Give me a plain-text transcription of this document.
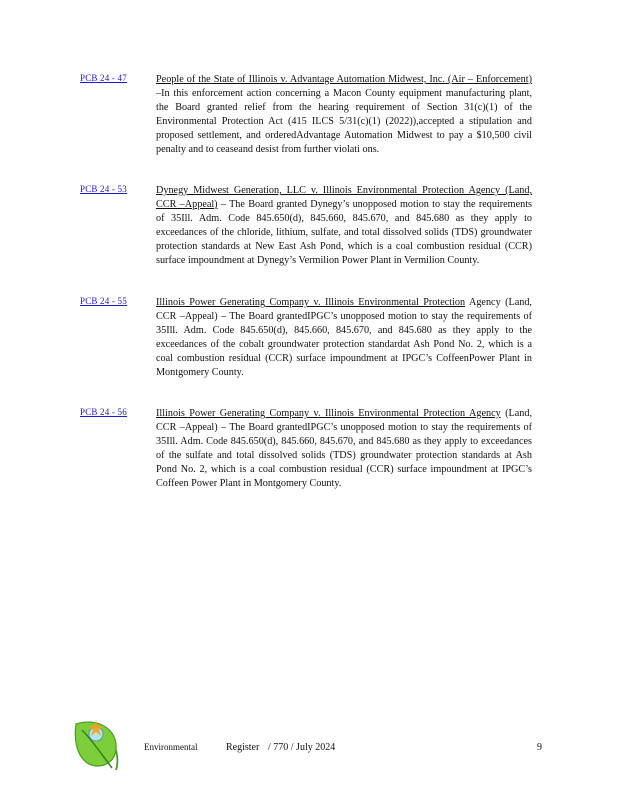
PCB 24 - 47	People of the State of Illinois v. Advantage Automation Midwest, Inc. (Air – Enforcement) –In this enforcement action concerning a Macon County equipment manufacturing plant, the Board granted relief from the hearing requirement of Section 31(c)(1) of the Environmental Protection Act (415 ILCS 5/31(c)(1) (2022)),accepted a stipulation and proposed settlement, and orderedAdvantage Automation Midwest to pay a $10,500 civil penalty and to ceaseand desist from further violati ons.
PCB 24 - 53	Dynegy Midwest Generation, LLC v. Illinois Environmental Protection Agency (Land, CCR –Appeal) – The Board granted Dynegy’s unopposed motion to stay the requirements of 35Ill. Adm. Code 845.650(d), 845.660, 845.670, and 845.680 as they apply to exceedances of the chloride, lithium, sulfate, and total dissolved solids (TDS) groundwater protection standards at New East Ash Pond, which is a coal combustion residual (CCR) surface impoundment at Dynegy’s Vermilion Power Plant in Vermilion County.
PCB 24 - 55	Illinois Power Generating Company v. Illinois Environmental Protection Agency (Land, CCR –Appeal) – The Board grantedIPGC’s unopposed motion to stay the requirements of 35Ill. Adm. Code 845.650(d), 845.660, 845.670, and 845.680 as they apply to the exceedances of the cobalt groundwater protection standardat Ash Pond No. 2, which is a coal combustion residual (CCR) surface impoundment at IPGC’s CoffeenPower Plant in Montgomery County.
PCB 24 - 56	Illinois Power Generating Company v. Illinois Environmental Protection Agency (Land, CCR –Appeal) – The Board grantedIPGC’s unopposed motion to stay the requirements of 35Ill. Adm. Code 845.650(d), 845.660, 845.670, and 845.680 as they apply to exceedances of the sulfate and total dissolved solids (TDS) groundwater protection standards at Ash Pond No. 2, which is a coal combustion residual (CCR) surface impoundment at IPGC’s Coffeen Power Plant in Montgomery County.
Environmental	Register / 770 / July 2024	9
